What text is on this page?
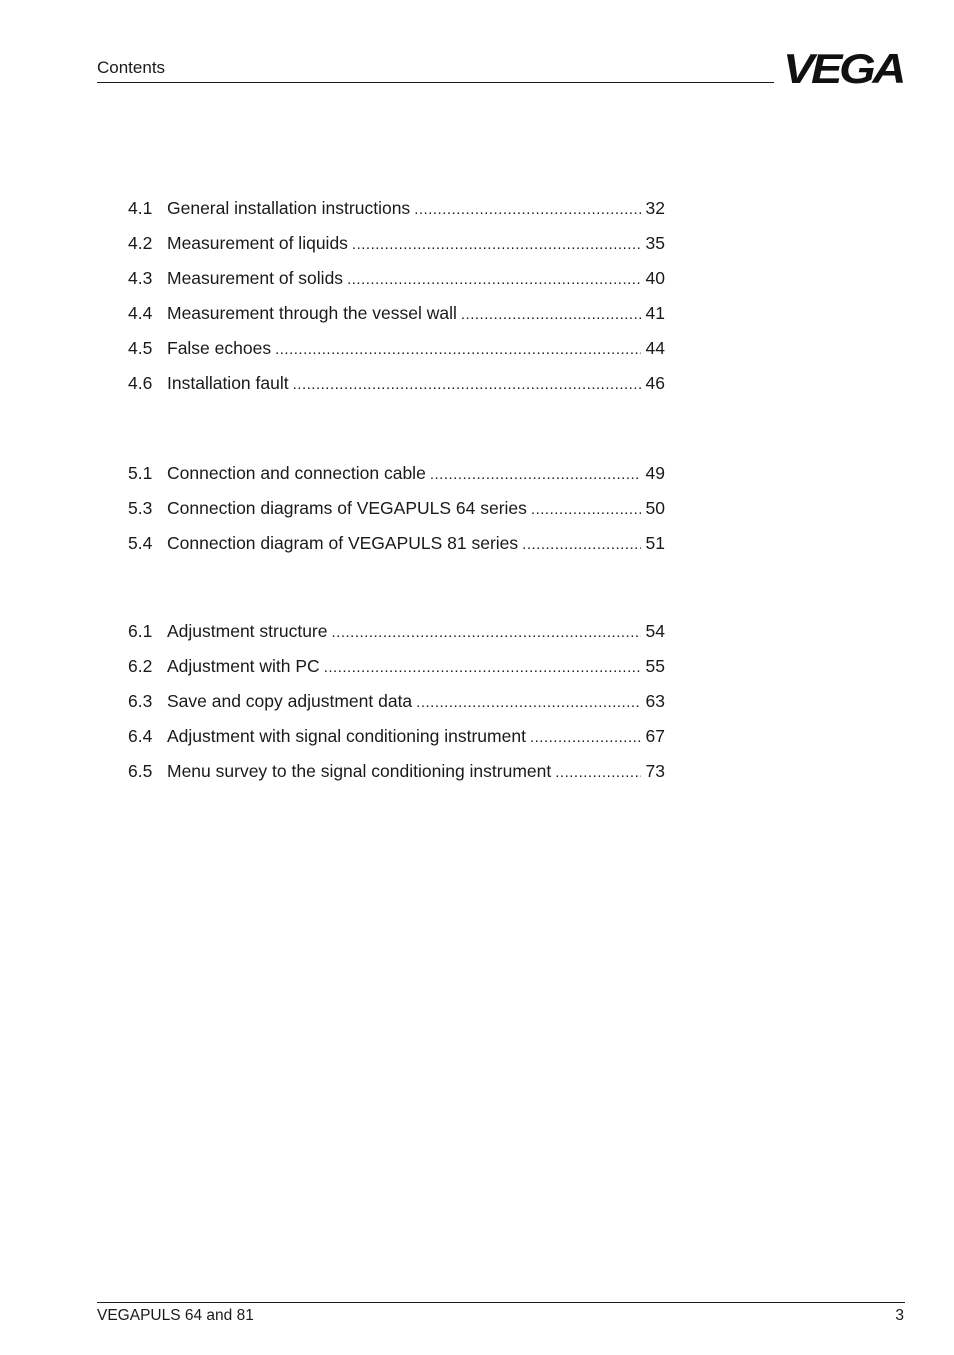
Contents	VEGA
4.1 General installation instructions .....	32
4.2 Measurement of liquids .....	35
4.3 Measurement of solids .....	40
4.4 Measurement through the vessel wall .....	41
4.5 False echoes .....	44
4.6 Installation fault .....	46
5.1 Connection and connection cable .....	49
5.3 Connection diagrams of VEGAPULS 64 series .....	50
5.4 Connection diagram of VEGAPULS 81 series .....	51
6.1 Adjustment structure .....	54
6.2 Adjustment with PC .....	55
6.3 Save and copy adjustment data .....	63
6.4 Adjustment with signal conditioning instrument .....	67
6.5 Menu survey to the signal conditioning instrument .....	73
VEGAPULS 64 and 81	3
